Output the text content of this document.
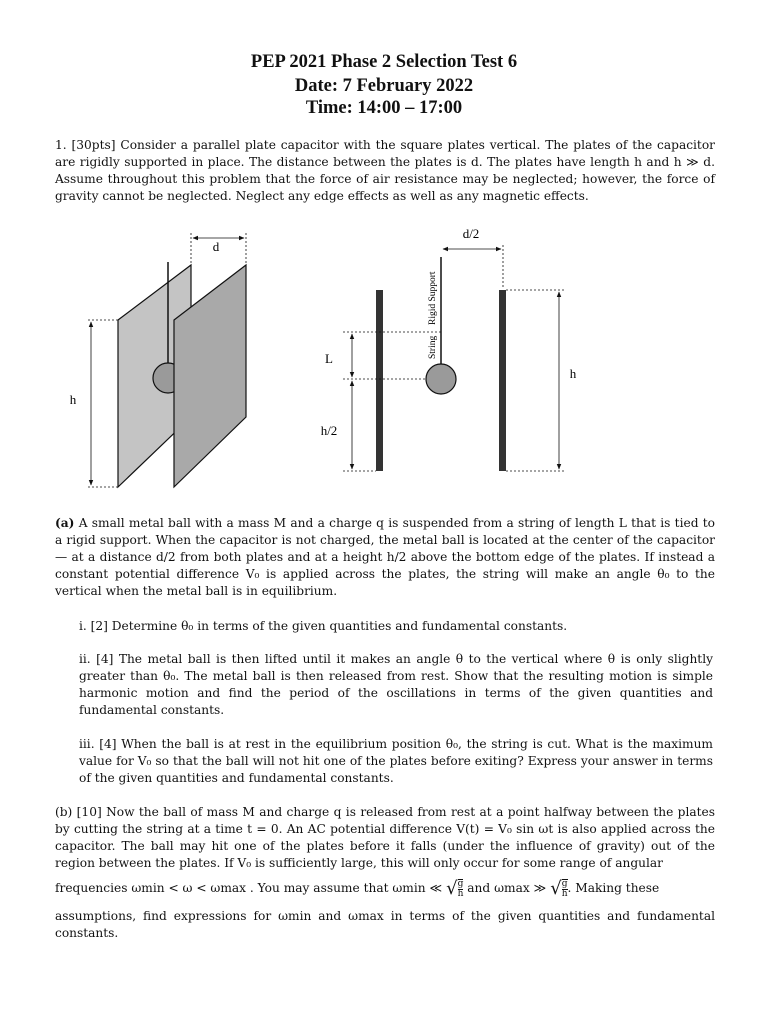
PEP 2021 Phase 2 Selection Test 6
Date: 7 February 2022
Time: 14:00 – 17:00
1. [30pts] Consider a parallel plate capacitor with the square plates vertical. The plates of the capacitor are rigidly supported in place. The distance between the plates is d. The plates have length h and h ≫ d. Assume throughout this problem that the force of air resistance may be neglected; however, the force of gravity cannot be neglected. Neglect any edge effects as well as any magnetic effects.
d
h
Rigid Support
String
d/2
L
h/2
h
(a) A small metal ball with a mass M and a charge q is suspended from a string of length L that is tied to a rigid support. When the capacitor is not charged, the metal ball is located at the center of the capacitor— at a distance d/2 from both plates and at a height h/2 above the bottom edge of the plates. If instead a constant potential difference V₀ is applied across the plates, the string will make an angle θ₀ to the vertical when the metal ball is in equilibrium.
i. [2] Determine θ₀ in terms of the given quantities and fundamental constants.
ii. [4] The metal ball is then lifted until it makes an angle θ to the vertical where θ is only slightly greater than θ₀. The metal ball is then released from rest. Show that the resulting motion is simple harmonic motion and find the period of the oscillations in terms of the given quantities and fundamental constants.
iii. [4] When the ball is at rest in the equilibrium position θ₀, the string is cut. What is the maximum value for V₀ so that the ball will not hit one of the plates before exiting? Express your answer in terms of the given quantities and fundamental constants.
(b) [10] Now the ball of mass M and charge q is released from rest at a point halfway between the plates by cutting the string at a time t = 0. An AC potential difference V(t) = V₀ sin ωt is also applied across the capacitor. The ball may hit one of the plates before it falls (under the influence of gravity) out of the region between the plates. If V₀ is sufficiently large, this will only occur for some range of angular
frequencies ωmin < ω < ωmax . You may assume that ωmin ≪ √ $\frac{g}{h}$ and ωmax ≫ √ $\frac{g}{h}$ . Making these
assumptions, find expressions for ωmin and ωmax in terms of the given quantities and fundamental constants.
